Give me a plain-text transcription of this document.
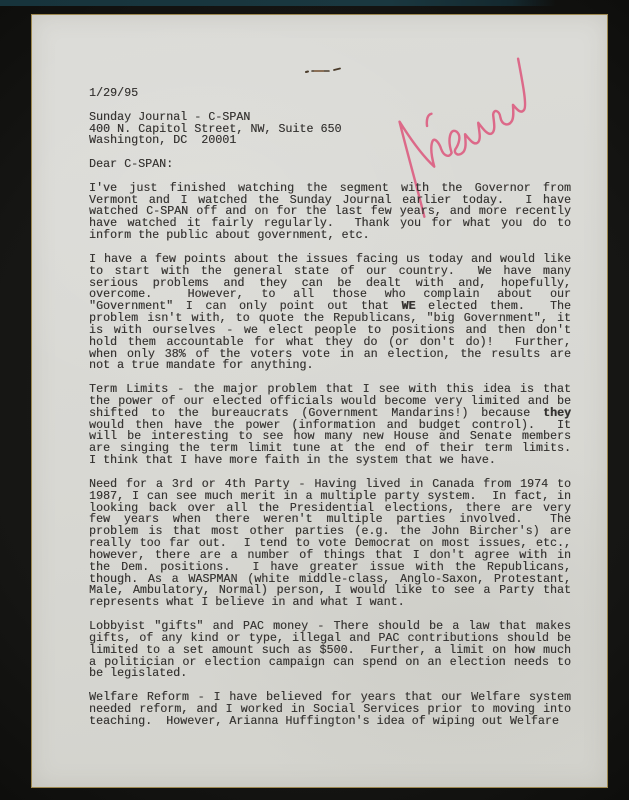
1/29/95
Sunday Journal - C-SPAN
400 N. Capitol Street, NW, Suite 650
Washington, DC  20001
Dear C-SPAN:
I've just finished watching the segment with the Governor from
Vermont and I watched the Sunday Journal earlier today.  I have
watched C-SPAN off and on for the last few years, and more recently
have watched it fairly regularly.  Thank you for what you do to
inform the public about government, etc.
I have a few points about the issues facing us today and would like
to start with the general state of our country.  We have many
serious problems and they can be dealt with and, hopefully,
overcome.  However, to all those who complain about our
"Government" I can only point out that WE elected them.  The
problem isn't with, to quote the Republicans, "big Government", it
is with ourselves - we elect people to positions and then don't
hold them accountable for what they do (or don't do)!  Further,
when only 38% of the voters vote in an election, the results are
not a true mandate for anything.
Term Limits - the major problem that I see with this idea is that
the power of our elected officials would become very limited and be
shifted to the bureaucrats (Government Mandarins!) because they
would then have the power (information and budget control).  It
will be interesting to see how many new House and Senate members
are singing the term limit tune at the end of their term limits.
I think that I have more faith in the system that we have.
Need for a 3rd or 4th Party - Having lived in Canada from 1974 to
1987, I can see much merit in a multiple party system.  In fact, in
looking back over all the Presidential elections, there are very
few years when there weren't multiple parties involved.  The
problem is that most other parties (e.g. the John Bircher's) are
really too far out.  I tend to vote Democrat on most issues, etc.,
however, there are a number of things that I don't agree with in
the Dem. positions.  I have greater issue with the Republicans,
though. As a WASPMAN (white middle-class, Anglo-Saxon, Protestant,
Male, Ambulatory, Normal) person, I would like to see a Party that
represents what I believe in and what I want.
Lobbyist "gifts" and PAC money - There should be a law that makes
gifts, of any kind or type, illegal and PAC contributions should be
limited to a set amount such as $500.  Further, a limit on how much
a politician or election campaign can spend on an election needs to
be legislated.
Welfare Reform - I have believed for years that our Welfare system
needed reform, and I worked in Social Services prior to moving into
teaching.  However, Arianna Huffington's idea of wiping out Welfare
